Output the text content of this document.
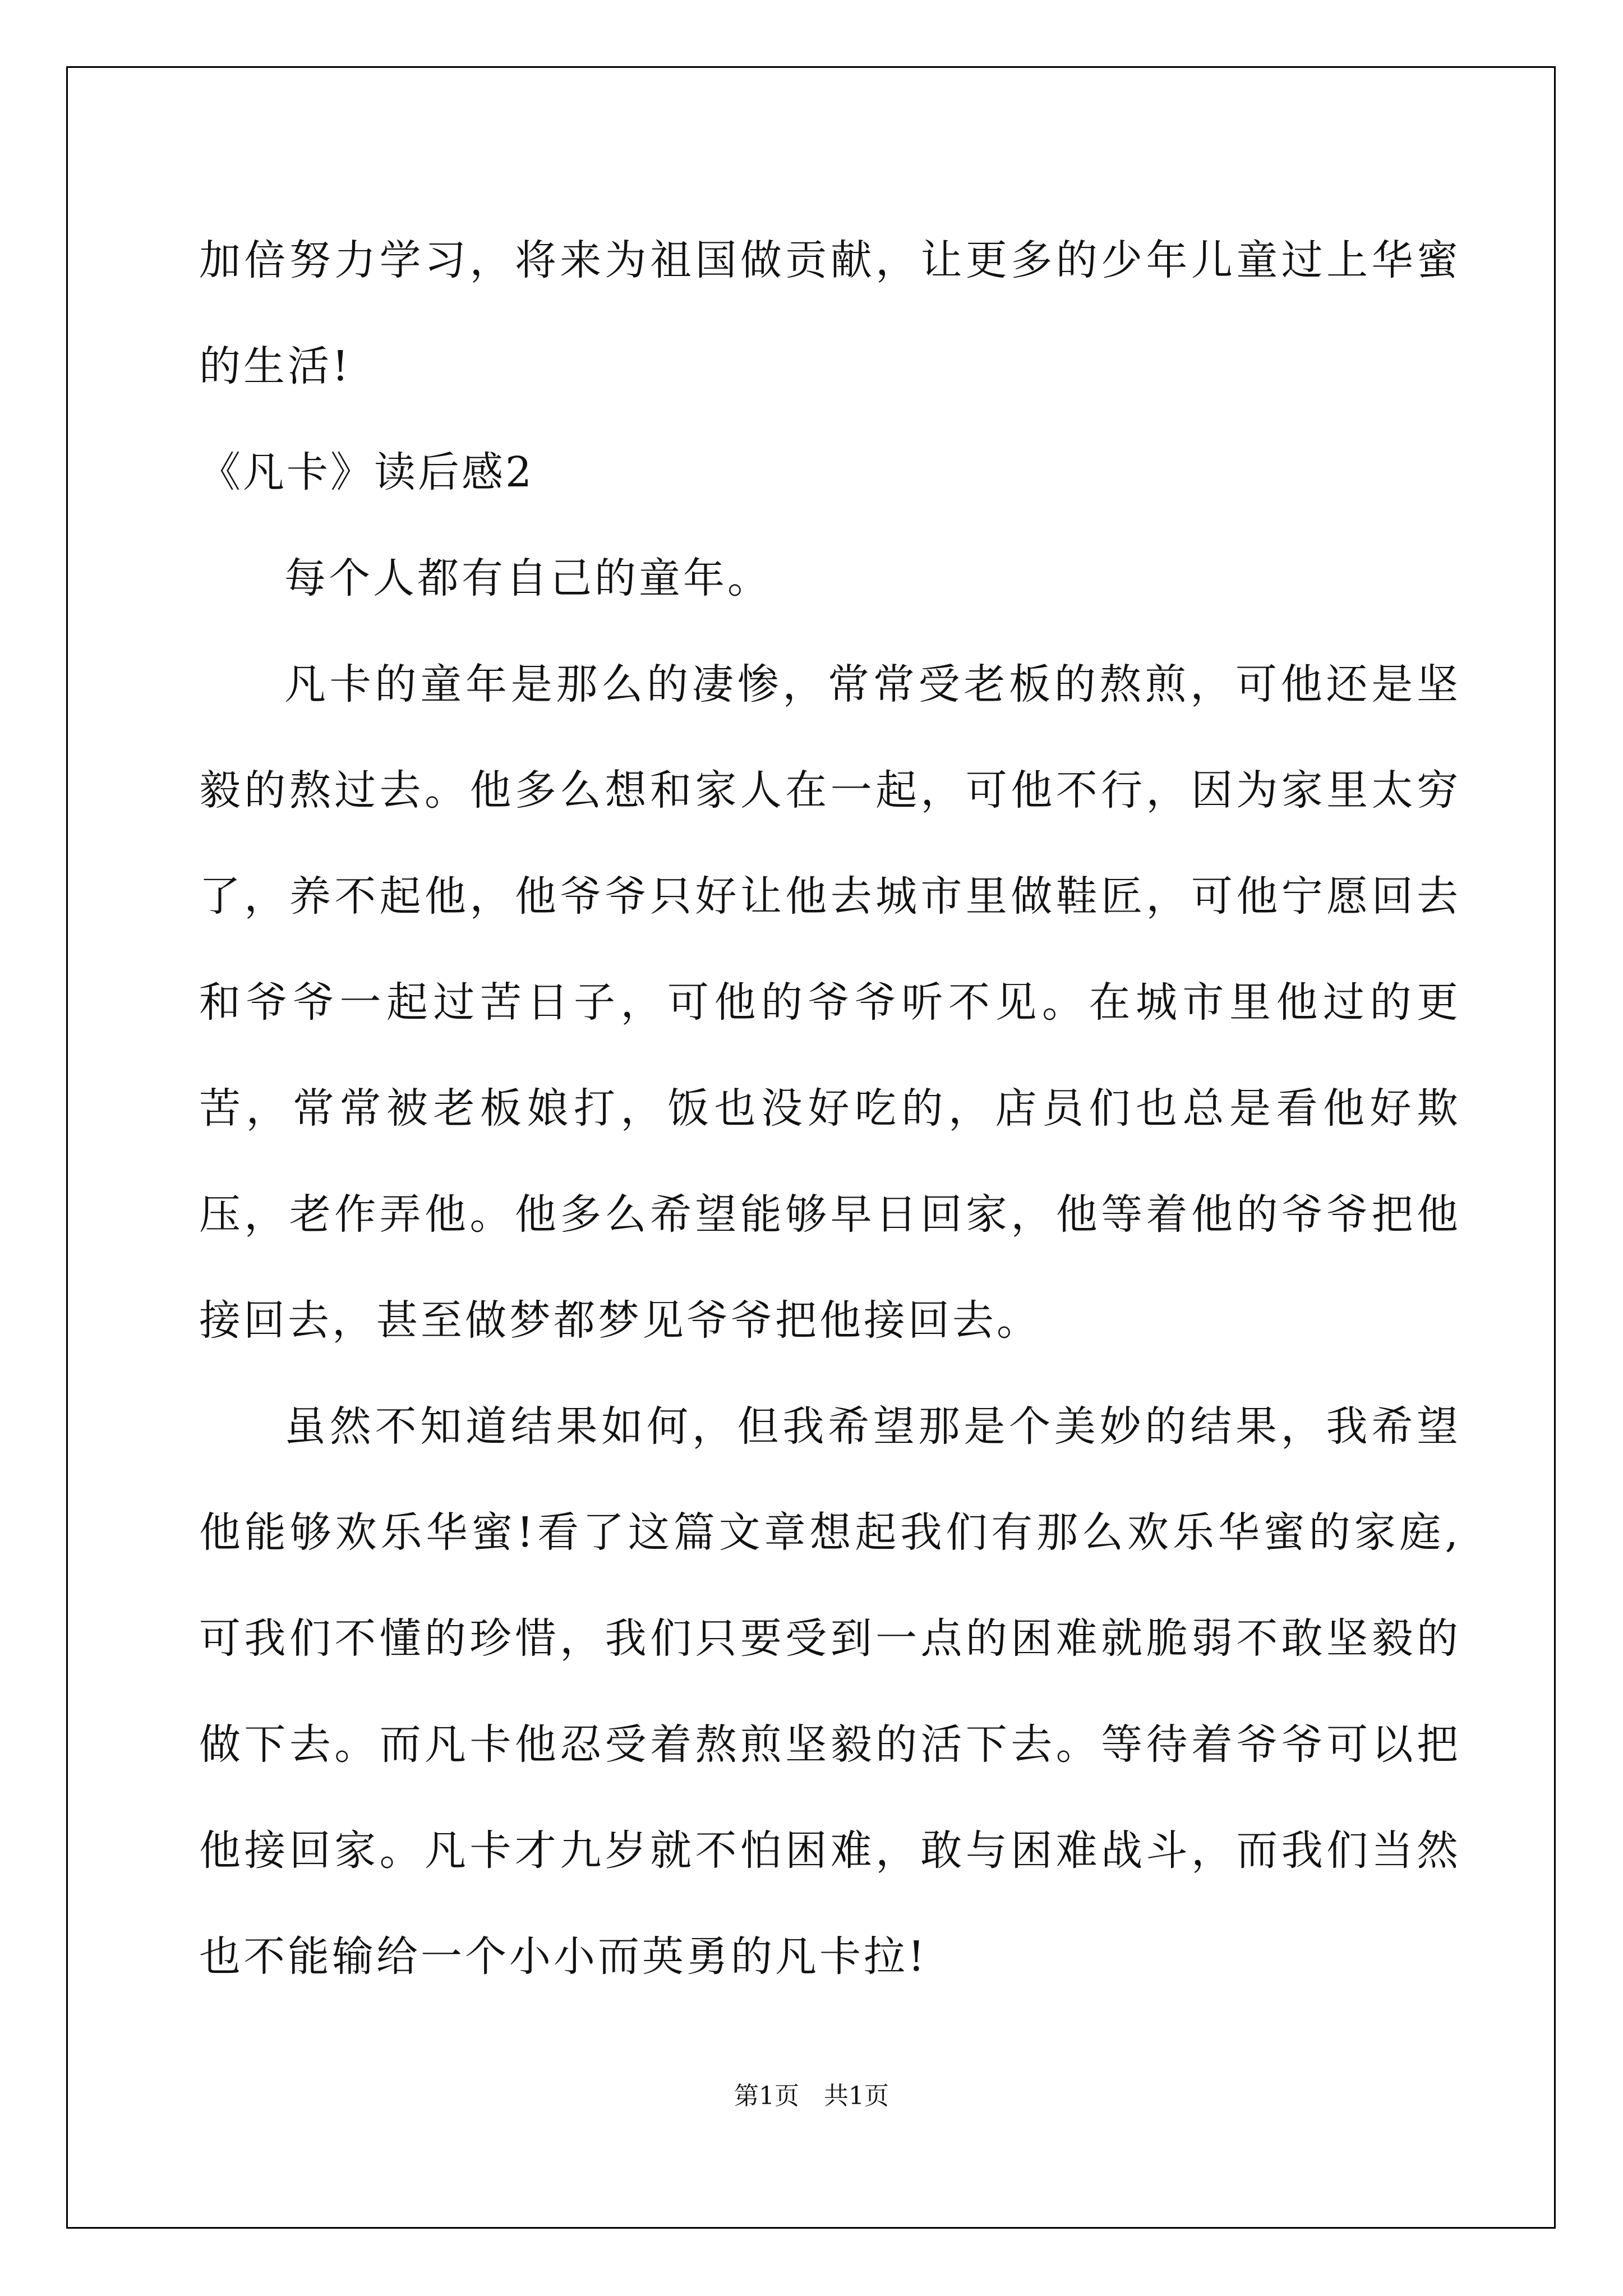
加倍努力学习，将来为祖国做贡献，让更多的少年儿童过上华蜜的生活!

《凡卡》读后感2

每个人都有自己的童年。

凡卡的童年是那么的凄惨，常常受老板的熬煎，可他还是坚毅的熬过去。他多么想和家人在一起，可他不行，因为家里太穷了，养不起他，他爷爷只好让他去城市里做鞋匠，可他宁愿回去和爷爷一起过苦日子，可他的爷爷听不见。在城市里他过的更苦，常常被老板娘打，饭也没好吃的，店员们也总是看他好欺压，老作弄他。他多么希望能够早日回家，他等着他的爷爷把他接回去，甚至做梦都梦见爷爷把他接回去。

虽然不知道结果如何，但我希望那是个美妙的结果，我希望他能够欢乐华蜜!看了这篇文章想起我们有那么欢乐华蜜的家庭,可我们不懂的珍惜，我们只要受到一点的困难就脆弱不敢坚毅的做下去。而凡卡他忍受着熬煎坚毅的活下去。等待着爷爷可以把他接回家。凡卡才九岁就不怕困难，敢与困难战斗，而我们当然也不能输给一个小小而英勇的凡卡拉!

第1页 共1页
